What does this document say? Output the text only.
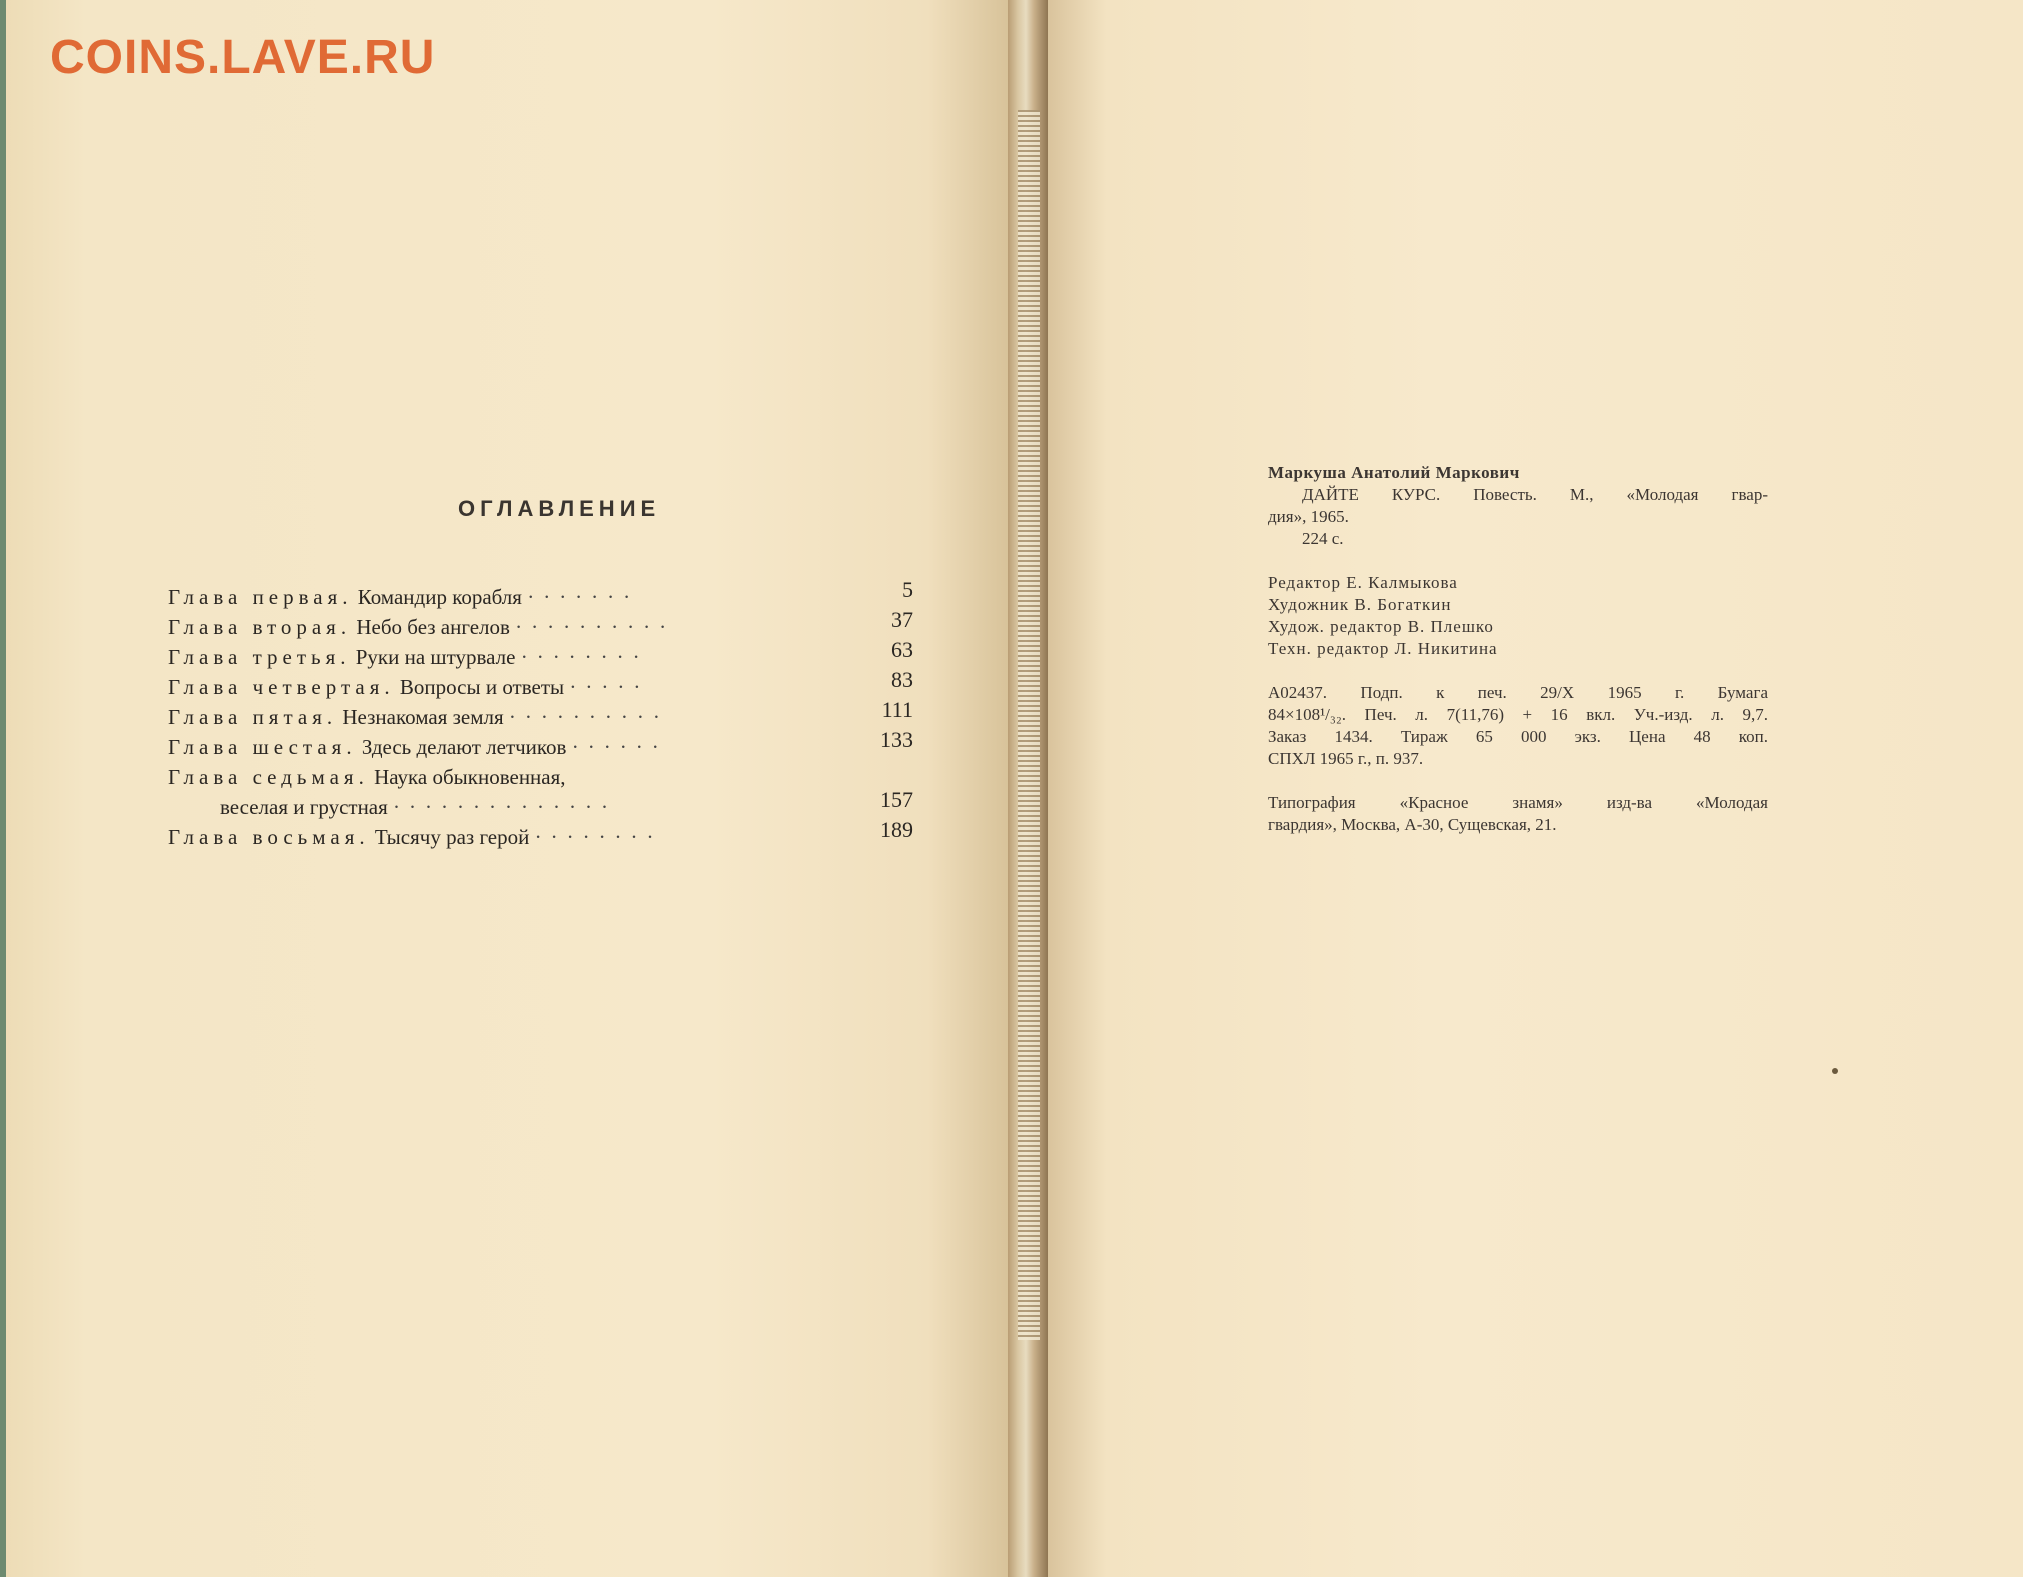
COINS.LAVE.RU
ОГЛАВЛЕНИЕ
Глава первая. Командир корабля ·······	5
Глава вторая. Небо без ангелов ··········	37
Глава третья. Руки на штурвале ········	63
Глава четвертая. Вопросы и ответы ·····	83
Глава пятая. Незнакомая земля ··········	111
Глава шестая. Здесь делают летчиков ······	133
Глава седьмая. Наука обыкновенная,
веселая и грустная ··············	157
Глава восьмая. Тысячу раз герой ········	189

Маркуша Анатолий Маркович

ДАЙТЕ КУРС. Повесть. М., «Молодая гвар-

дия», 1965.

224 с.

Редактор Е. Калмыкова

Художник В. Богаткин

Худож. редактор В. Плешко

Техн. редактор Л. Никитина

А02437. Подп. к печ. 29/X 1965 г. Бумага

84×108¹/₃₂. Печ. л. 7(11,76) + 16 вкл. Уч.-изд. л. 9,7.

Заказ 1434. Тираж 65 000 экз. Цена 48 коп.

СПХЛ 1965 г., п. 937.

Типография «Красное знамя» изд-ва «Молодая

гвардия», Москва, А-30, Сущевская, 21.
